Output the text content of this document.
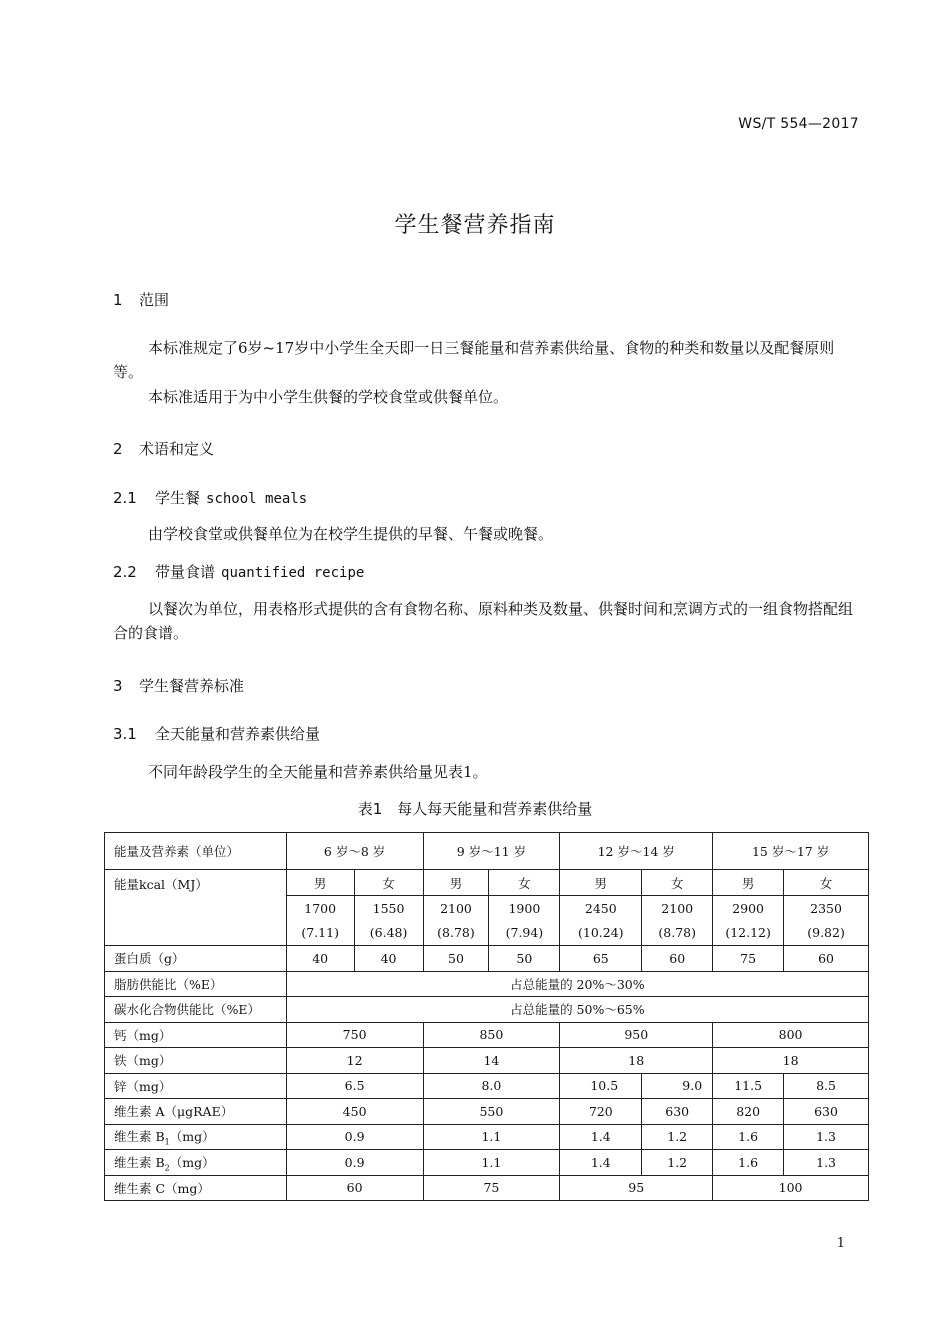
WS/T 554—2017
学生餐营养指南
1 范围
本标准规定了6岁~17岁中小学生全天即一日三餐能量和营养素供给量、食物的种类和数量以及配餐原则等。
本标准适用于为中小学生供餐的学校食堂或供餐单位。
2 术语和定义
2.1 学生餐 school meals
由学校食堂或供餐单位为在校学生提供的早餐、午餐或晚餐。
2.2 带量食谱 quantified recipe
以餐次为单位，用表格形式提供的含有食物名称、原料种类及数量、供餐时间和烹调方式的一组食物搭配组合的食谱。
3 学生餐营养标准
3.1 全天能量和营养素供给量
不同年龄段学生的全天能量和营养素供给量见表1。
表1　每人每天能量和营养素供给量
能量及营养素（单位）	6 岁～8 岁		9 岁～11 岁		12 岁～14 岁		15 岁～17 岁	
能量kcal（MJ）	男	女	男	女	男	女	男	女
	1700	1550	2100	1900	2450	2100	2900	2350
	(7.11)	(6.48)	(8.78)	(7.94)	(10.24)	(8.78)	(12.12)	(9.82)
蛋白质（g）	40	40	50	50	65	60	75	60
脂肪供能比（%E）	占总能量的 20%～30%							
碳水化合物供能比（%E）	占总能量的 50%～65%							
钙（mg）	750		850		950		800	
铁（mg）	12		14		18		18	
锌（mg）	6.5		8.0		10.5	9.0	11.5	8.5
维生素 A（μgRAE）	450		550		720	630	820	630
维生素 $B_1(mg)$	0.9		1.1		1.4	1.2	1.6	1.3
维生素 $B_2(mg)$	0.9		1.1		1.4	1.2	1.6	1.3
维生素 C（mg）	60		75		95		100	
1
